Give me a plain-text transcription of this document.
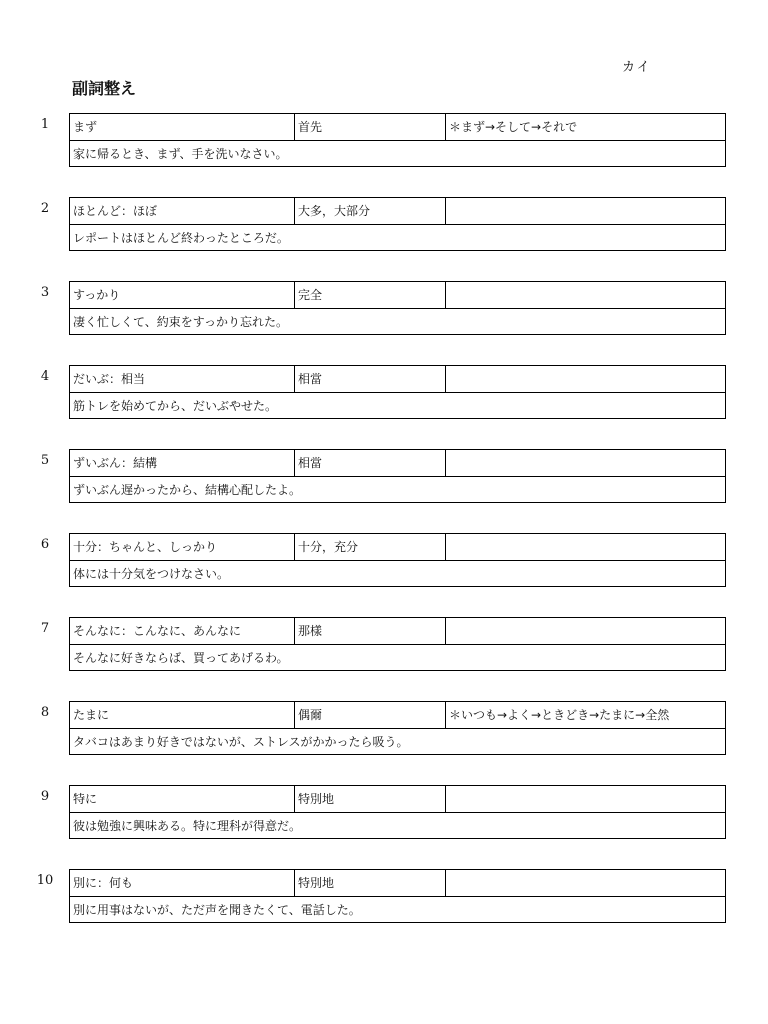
カイ
副詞整え
1	まず	首先	＊まず→そして→それで
家に帰るとき、まず、手を洗いなさい。
2	ほとんど：ほぼ	大多，大部分
レポートはほとんど終わったところだ。
3	すっかり	完全
凄く忙しくて、約束をすっかり忘れた。
4	だいぶ：相当	相當
筋トレを始めてから、だいぶやせた。
5	ずいぶん：結構	相當
ずいぶん遅かったから、結構心配したよ。
6	十分：ちゃんと、しっかり	十分，充分
体には十分気をつけなさい。
7	そんなに：こんなに、あんなに	那樣
そんなに好きならば、買ってあげるわ。
8	たまに	偶爾	＊いつも→よく→ときどき→たまに→全然
タバコはあまり好きではないが、ストレスがかかったら吸う。
9	特に	特別地
彼は勉強に興味ある。特に理科が得意だ。
10	別に：何も	特別地
別に用事はないが、ただ声を聞きたくて、電話した。
